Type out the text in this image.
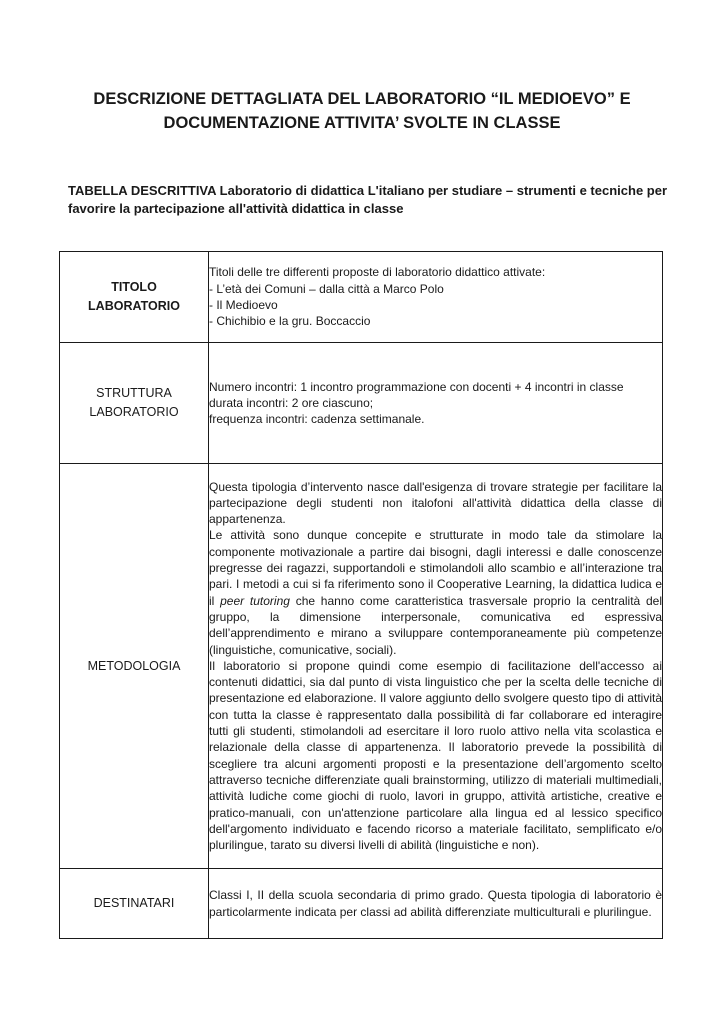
DESCRIZIONE DETTAGLIATA DEL LABORATORIO “IL MEDIOEVO” E
DOCUMENTAZIONE ATTIVITA’ SVOLTE IN CLASSE
TABELLA DESCRITTIVA Laboratorio di didattica L'italiano per studiare – strumenti e tecniche per favorire la partecipazione all'attività didattica in classe
TITOLO
LABORATORIO	Titoli delle tre differenti proposte di laboratorio didattico attivate:
- L’età dei Comuni – dalla città a Marco Polo
- Il Medioevo
- Chichibio e la gru. Boccaccio

STRUTTURA
LABORATORIO	Numero incontri: 1 incontro programmazione con docenti + 4 incontri in classe
durata incontri: 2 ore ciascuno;
frequenza incontri: cadenza settimanale.

METODOLOGIA	Questa tipologia d’intervento nasce dall'esigenza di trovare strategie per facilitare la partecipazione degli studenti non italofoni all'attività didattica della classe di appartenenza.

Le attività sono dunque concepite e strutturate in modo tale da stimolare la componente motivazionale a partire dai bisogni, dagli interessi e dalle conoscenze pregresse dei ragazzi, supportandoli e stimolandoli allo scambio e all’interazione tra pari. I metodi a cui si fa riferimento sono il Cooperative Learning, la didattica ludica e il peer tutoring che hanno come caratteristica trasversale proprio la centralità del gruppo, la dimensione interpersonale, comunicativa ed espressiva dell’apprendimento e mirano a sviluppare contemporaneamente più competenze (linguistiche, comunicative, sociali).

Il laboratorio si propone quindi come esempio di facilitazione dell'accesso ai contenuti didattici, sia dal punto di vista linguistico che per la scelta delle tecniche di presentazione ed elaborazione. Il valore aggiunto dello svolgere questo tipo di attività con tutta la classe è rappresentato dalla possibilità di far collaborare ed interagire tutti gli studenti, stimolandoli ad esercitare il loro ruolo attivo nella vita scolastica e relazionale della classe di appartenenza. Il laboratorio prevede la possibilità di scegliere tra alcuni argomenti proposti e la presentazione dell’argomento scelto attraverso tecniche differenziate quali brainstorming, utilizzo di materiali multimediali, attività ludiche come giochi di ruolo, lavori in gruppo, attività artistiche, creative e pratico-manuali, con un'attenzione particolare alla lingua ed al lessico specifico dell'argomento individuato e facendo ricorso a materiale facilitato, semplificato e/o plurilingue, tarato su diversi livelli di abilità (linguistiche e non).

DESTINATARI	Classi I, II della scuola secondaria di primo grado. Questa tipologia di laboratorio è particolarmente indicata per classi ad abilità differenziate multiculturali e plurilingue.
